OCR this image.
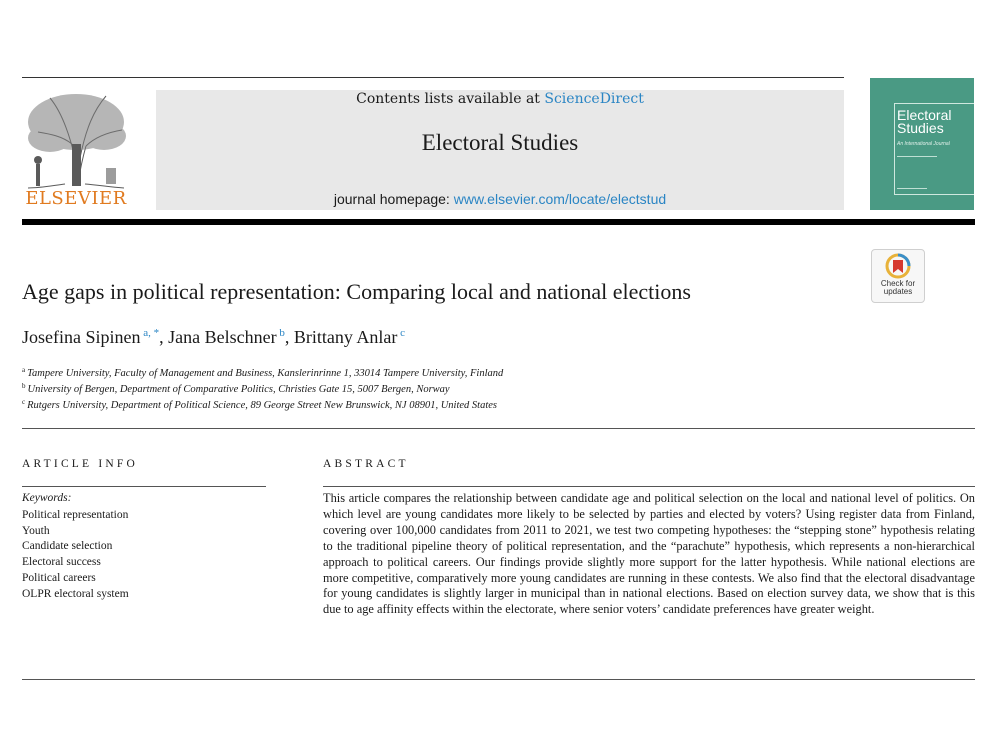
ELSEVIER
Contents lists available at ScienceDirect
Electoral Studies
journal homepage: www.elsevier.com/locate/electstud
Electoral
Studies
An International Journal
Check for
updates
Age gaps in political representation: Comparing local and national elections
Josefina Sipinen $^{a, *}$, Jana Belschner $^b$, Brittany Anlar $^c$
$^a$ Tampere University, Faculty of Management and Business, Kanslerinrinne 1, 33014 Tampere University, Finland
$^b$ University of Bergen, Department of Comparative Politics, Christies Gate 15, 5007 Bergen, Norway
$^c$ Rutgers University, Department of Political Science, 89 George Street New Brunswick, NJ 08901, United States
ARTICLE INFO
Keywords:
Political representation
Youth
Candidate selection
Electoral success
Political careers
OLPR electoral system
ABSTRACT
This article compares the relationship between candidate age and political selection on the local and national level of politics. On which level are young candidates more likely to be selected by parties and elected by voters? Using register data from Finland, covering over 100,000 candidates from 2011 to 2021, we test two competing hypotheses: the “stepping stone” hypothesis relating to the traditional pipeline theory of political representation, and the “parachute” hypothesis, which represents a non-hierarchical approach to political careers. Our findings provide slightly more support for the latter hypothesis. While national elections are more competitive, comparatively more young candidates are running in these contests. We also find that the electoral disadvantage for young candidates is slightly larger in municipal than in national elections. Based on election survey data, we show that is this due to age affinity effects within the electorate, where senior voters’ candidate preferences have greater weight.
